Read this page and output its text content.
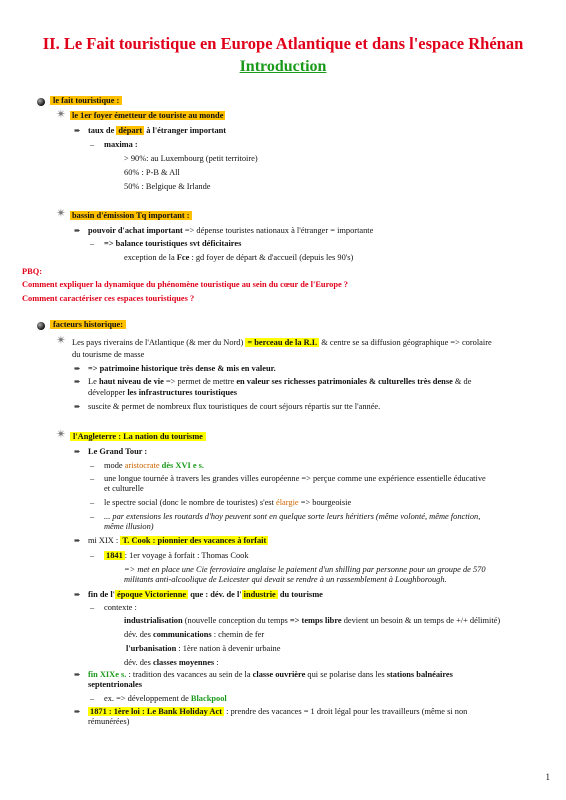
II. Le Fait touristique en Europe Atlantique et dans l'espace Rhénan
Introduction
le fait touristique :
✴ le 1er foyer émetteur de touriste au monde
➨ taux de départ à l'étranger important
– maxima :
> 90%: au Luxembourg (petit territoire)
60% : P-B & All
50% : Belgique & Irlande
✴ bassin d'émission Tq important :
➨ pouvoir d'achat important => dépense touristes nationaux à l'étranger = importante
– => balance touristiques svt déficitaires
exception de la Fce : gd foyer de départ & d'accueil (depuis les 90's)
PBQ:
Comment expliquer la dynamique du phénomène touristique au sein du cœur de l'Europe ?
Comment caractériser ces espaces touristiques ?
facteurs historique:
✴ Les pays riverains de l'Atlantique (& mer du Nord) = berceau de la R.I. & centre se sa diffusion géographique => corolaire
du tourisme de masse
➨ => patrimoine historique très dense & mis en valeur.
➨ Le haut niveau de vie => permet de mettre en valeur ses richesses patrimoniales & culturelles très dense & de
développer les infrastructures touristiques
➨ suscite & permet de nombreux flux touristiques de court séjours répartis sur tte l'année.
✴ l'Angleterre : La nation du tourisme
➨ Le Grand Tour :
– mode aristocrate dès XVI e s.
– une longue tournée à travers les grandes villes européenne => perçue comme une expérience essentielle éducative
et culturelle
– le spectre social (donc le nombre de touristes) s'est élargie => bourgeoisie
– ... par extensions les routards d'hoy peuvent sont en quelque sorte leurs héritiers (même volonté, même fonction,
même illusion)
➨ mi XIX : T. Cook : pionnier des vacances à forfait
– 1841 : 1er voyage à forfait : Thomas Cook
=> met en place une Cie ferroviaire anglaise le paiement d'un shilling par personne pour un groupe de 570
militants anti-alcoolique de Leicester qui devait se rendre à un rassemblement à Loughborough.
➨ fin de l' époque Victorienne que : dév. de l' industrie du tourisme
– contexte :
industrialisation (nouvelle conception du temps => temps libre devient un besoin & un temps de +/+ délimité)
dév. des communications : chemin de fer
l'urbanisation : 1ère nation à devenir urbaine
dév. des classes moyennes :
➨ fin XIXe s. : tradition des vacances au sein de la classe ouvrière qui se polarise dans les stations balnéaires
septentrionales
– ex. => développement de Blackpool
➨ 1871 : 1ère loi : Le Bank Holiday Act : prendre des vacances = 1 droit légal pour les travailleurs (même si non
rémunérées)
1
